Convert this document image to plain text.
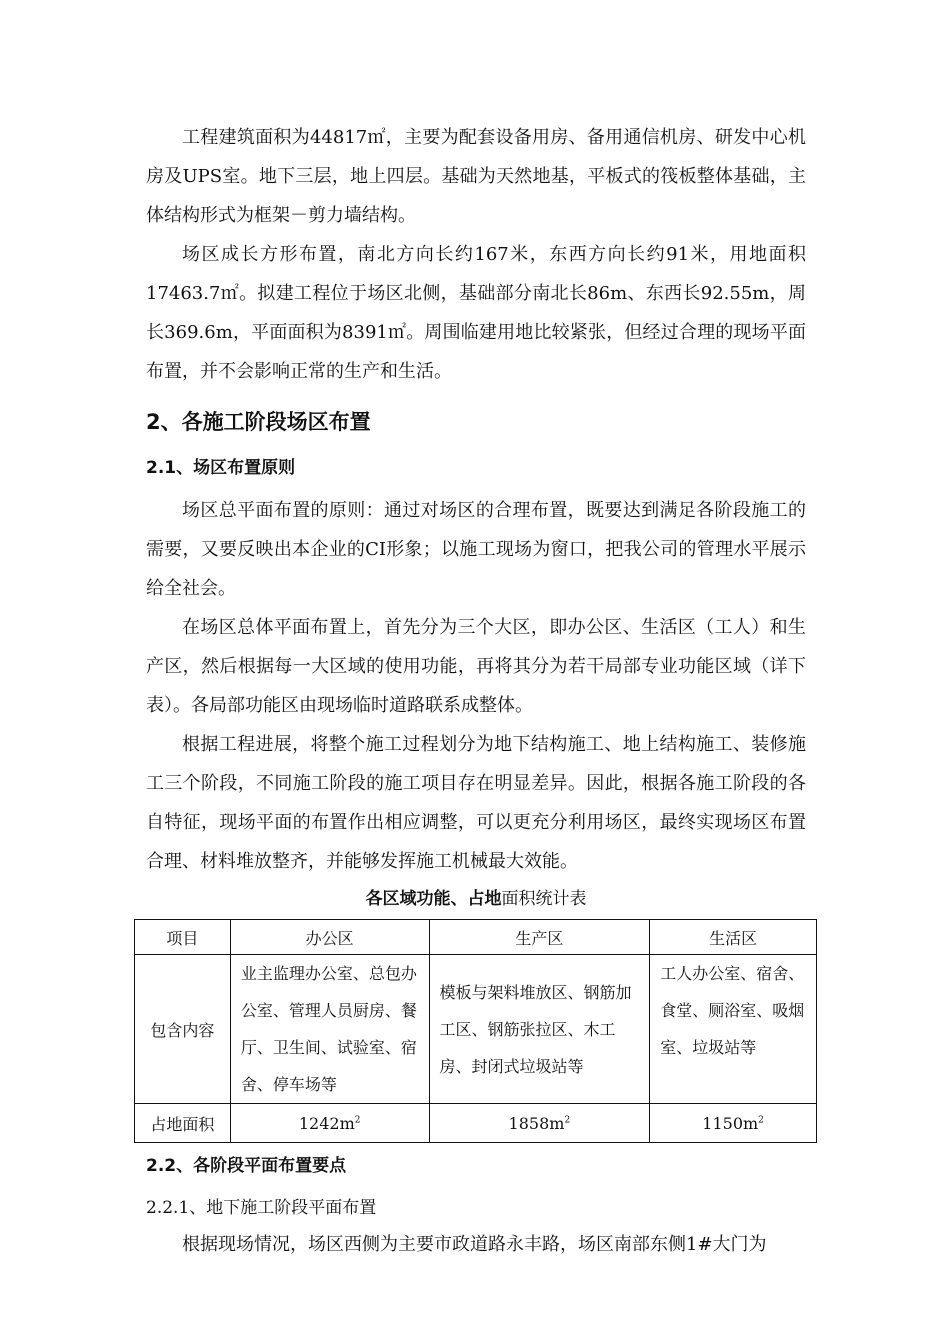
工程建筑面积为44817㎡，主要为配套设备用房、备用通信机房、研发中心机房及UPS室。地下三层，地上四层。基础为天然地基，平板式的筏板整体基础，主体结构形式为框架－剪力墙结构。

场区成长方形布置，南北方向长约167米，东西方向长约91米，用地面积17463.7㎡。拟建工程位于场区北侧，基础部分南北长86m、东西长92.55m，周长369.6m，平面面积为8391㎡。周围临建用地比较紧张，但经过合理的现场平面布置，并不会影响正常的生产和生活。

2、各施工阶段场区布置
2.1、场区布置原则

场区总平面布置的原则：通过对场区的合理布置，既要达到满足各阶段施工的需要，又要反映出本企业的CI形象；以施工现场为窗口，把我公司的管理水平展示给全社会。

在场区总体平面布置上，首先分为三个大区，即办公区、生活区（工人）和生产区，然后根据每一大区域的使用功能，再将其分为若干局部专业功能区域（详下表）。各局部功能区由现场临时道路联系成整体。

根据工程进展，将整个施工过程划分为地下结构施工、地上结构施工、装修施工三个阶段，不同施工阶段的施工项目存在明显差异。因此，根据各施工阶段的各自特征，现场平面的布置作出相应调整，可以更充分利用场区，最终实现场区布置合理、材料堆放整齐，并能够发挥施工机械最大效能。

各区域功能、占地面积统计表
项目	办公区	生产区	生活区
包含内容	业主监理办公室、总包办公室、管理人员厨房、餐厅、卫生间、试验室、宿舍、停车场等	模板与架料堆放区、钢筋加工区、钢筋张拉区、木工房、封闭式垃圾站等	工人办公室、宿舍、食堂、厕浴室、吸烟室、垃圾站等
占地面积	$1242m^2$	$1858m^2$	$1150m^2$
2.2、各阶段平面布置要点
2.2.1、地下施工阶段平面布置

根据现场情况，场区西侧为主要市政道路永丰路，场区南部东侧1#大门为
